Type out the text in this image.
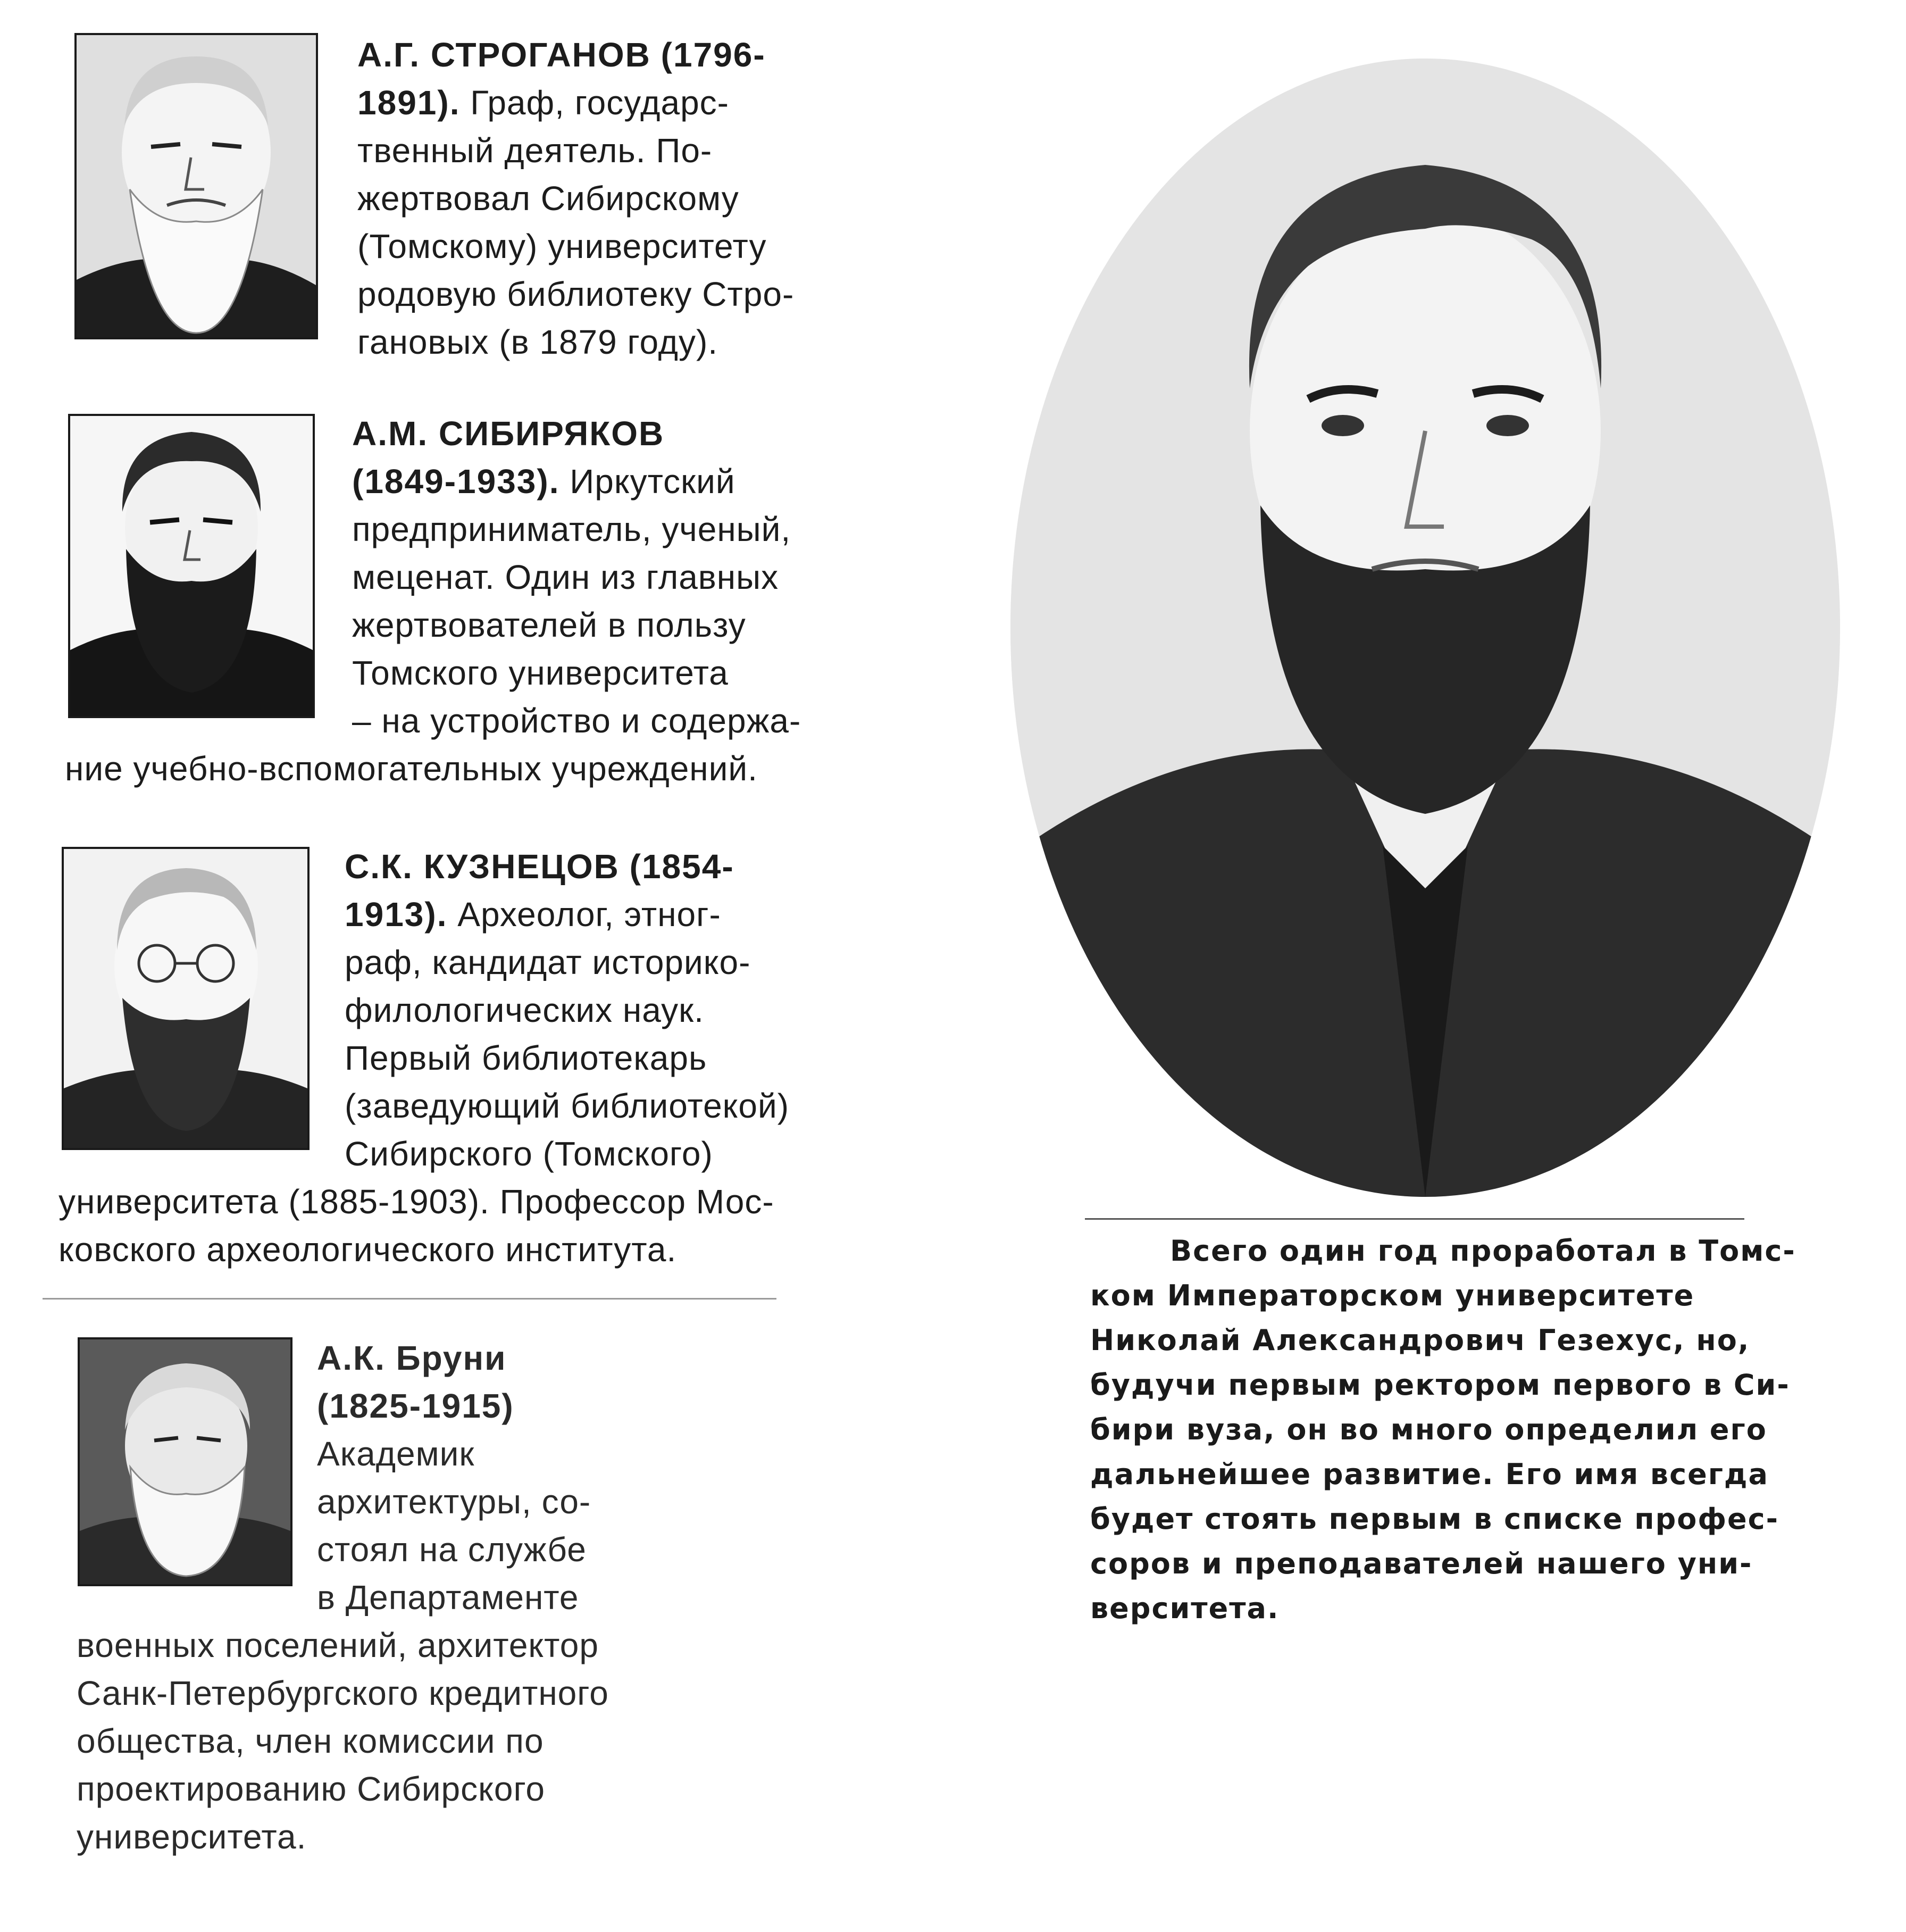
А.Г. СТРОГАНОВ (1796-
1891). Граф, государс-
твенный деятель. По-
жертвовал Сибирскому
(Томскому) университету
родовую библиотеку Стро-
гановых (в 1879 году).
А.М. СИБИРЯКОВ
(1849-1933). Иркутский
предприниматель, ученый,
меценат. Один из главных
жертвователей в пользу
Томского университета
– на устройство и содержа-
ние учебно-вспомогательных учреждений.
С.К. КУЗНЕЦОВ (1854-
1913). Археолог, этног-
раф, кандидат историко-
филологических наук.
Первый библиотекарь
(заведующий библиотекой)
Сибирского (Томского)
университета (1885-1903). Профессор Мос-
ковского археологического института.
А.К. Бруни
(1825-1915)
Академик
архитектуры, со-
стоял на службе
в Департаменте
военных поселений, архитектор
Санк-Петербургского кредитного
общества, член комиссии по
проектированию Сибирского
университета.
Всего один год проработал в Томс-
ком Императорском университете
Николай Александрович Гезехус, но,
будучи первым ректором первого в Си-
бири вуза, он во много определил его
дальнейшее развитие. Его имя всегда
будет стоять первым в списке профес-
соров и преподавателей нашего уни-
верситета.
